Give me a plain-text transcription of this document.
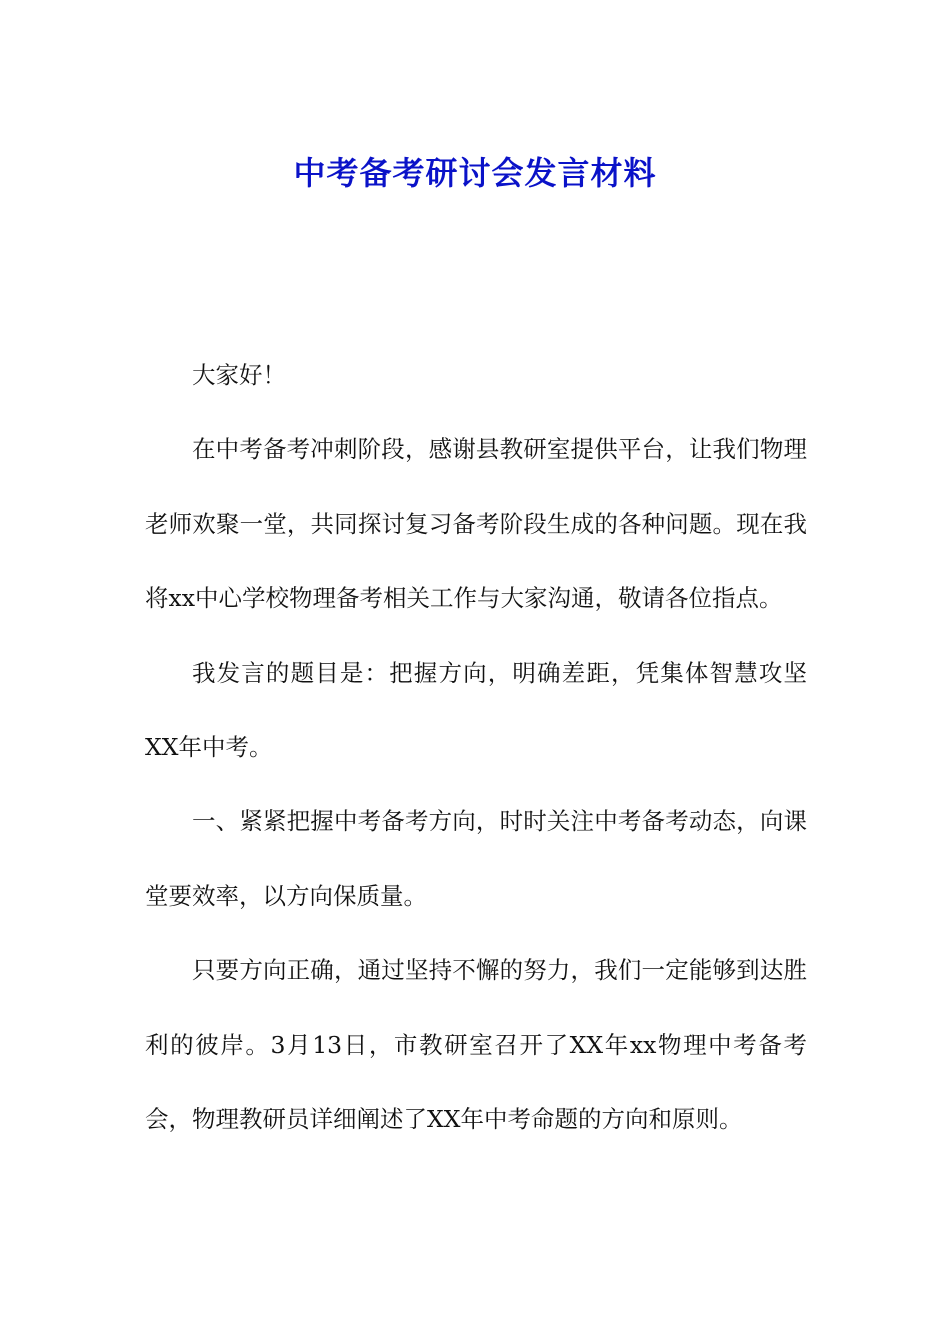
中考备考研讨会发言材料

大家好！

在中考备考冲刺阶段，感谢县教研室提供平台，让我们物理老师欢聚一堂，共同探讨复习备考阶段生成的各种问题。现在我将xx中心学校物理备考相关工作与大家沟通，敬请各位指点。

我发言的题目是：把握方向，明确差距，凭集体智慧攻坚XX年中考。

一、紧紧把握中考备考方向，时时关注中考备考动态，向课堂要效率，以方向保质量。

只要方向正确，通过坚持不懈的努力，我们一定能够到达胜利的彼岸。3月13日，市教研室召开了XX年xx物理中考备考会，物理教研员详细阐述了XX年中考命题的方向和原则。
